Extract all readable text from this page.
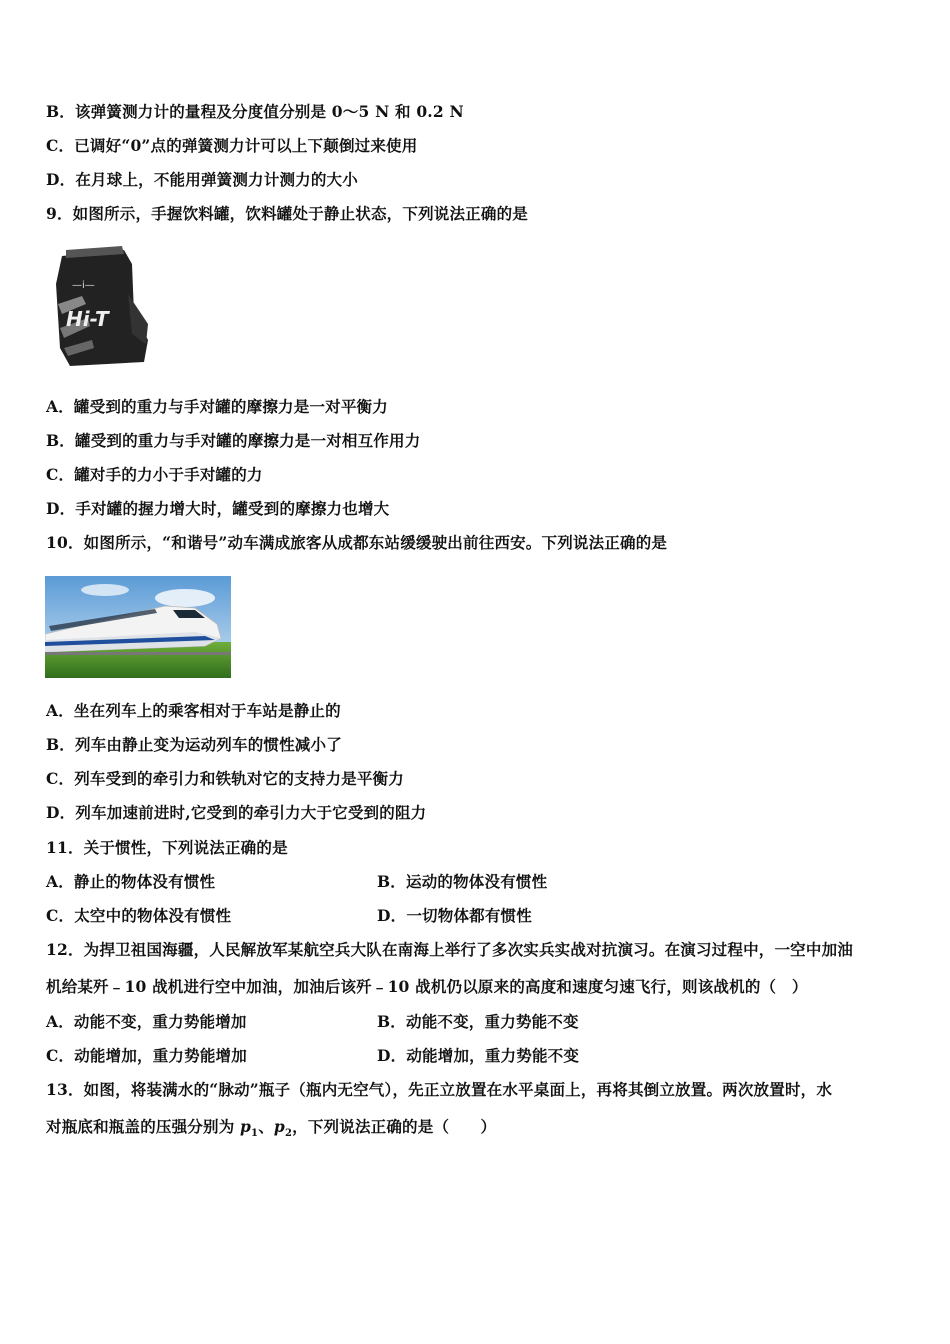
B．该弹簧测力计的量程及分度值分别是 0～5 N 和 0.2 N
C．已调好“0”点的弹簧测力计可以上下颠倒过来使用
D．在月球上，不能用弹簧测力计测力的大小
9．如图所示，手握饮料罐，饮料罐处于静止状态，下列说法正确的是
—i—
Hi-T
A．罐受到的重力与手对罐的摩擦力是一对平衡力
B．罐受到的重力与手对罐的摩擦力是一对相互作用力
C．罐对手的力小于手对罐的力
D．手对罐的握力增大时，罐受到的摩擦力也增大
10．如图所示，“和谐号”动车满成旅客从成都东站缓缓驶出前往西安。下列说法正确的是
A．坐在列车上的乘客相对于车站是静止的
B．列车由静止变为运动列车的惯性减小了
C．列车受到的牵引力和铁轨对它的支持力是平衡力
D．列车加速前进时,它受到的牵引力大于它受到的阻力
11．关于惯性，下列说法正确的是
A．静止的物体没有惯性	B．运动的物体没有惯性
C．太空中的物体没有惯性	D．一切物体都有惯性
12．为捍卫祖国海疆，人民解放军某航空兵大队在南海上举行了多次实兵实战对抗演习。在演习过程中，一空中加油
机给某歼﹣10 战机进行空中加油，加油后该歼﹣10 战机仍以原来的高度和速度匀速飞行，则该战机的（　）
A．动能不变，重力势能增加	B．动能不变，重力势能不变
C．动能增加，重力势能增加	D．动能增加，重力势能不变
13．如图，将装满水的“脉动”瓶子（瓶内无空气），先正立放置在水平桌面上，再将其倒立放置。两次放置时，水
对瓶底和瓶盖的压强分别为 $p_1$、$p_2$，下列说法正确的是（　　）
